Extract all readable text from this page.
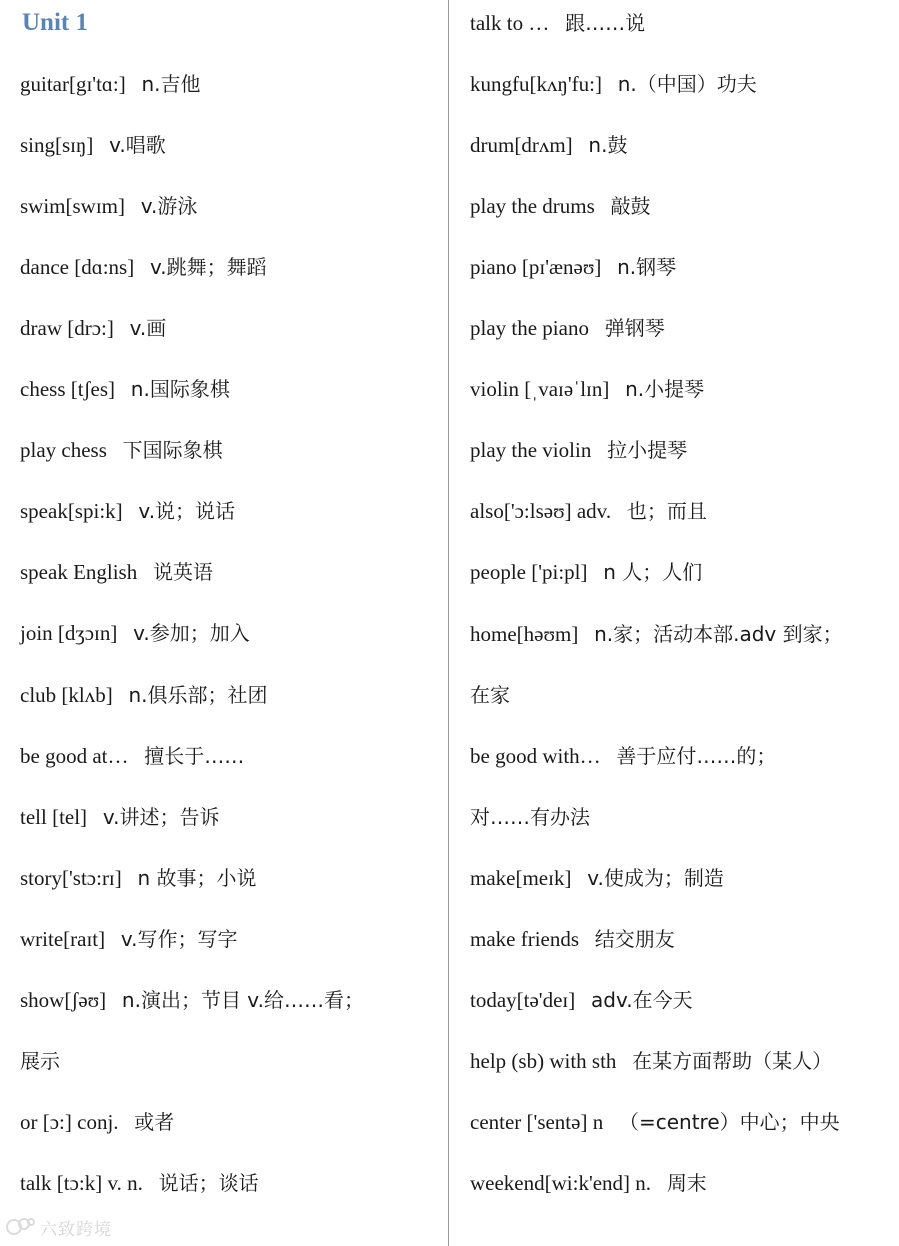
Unit 1
guitar[gɪ'tɑ:] n.吉他
sing[sɪŋ] v.唱歌
swim[swɪm] v.游泳
dance [dɑ:ns] v.跳舞；舞蹈
draw [drɔ:] v.画
chess [tʃes] n.国际象棋
play chess 下国际象棋
speak[spi:k] v.说；说话
speak English 说英语
join [dʒɔɪn] v.参加；加入
club [klʌb] n.俱乐部；社团
be good at… 擅长于……
tell [tel] v.讲述；告诉
story['stɔ:rɪ] n 故事；小说
write[raɪt] v.写作；写字
show[ʃəʊ] n.演出；节目 v.给……看；
展示
or [ɔ:] conj. 或者
talk [tɔ:k] v. n. 说话；谈话
talk to … 跟……说
kungfu[kʌŋ'fu:] n.（中国）功夫
drum[drʌm] n.鼓
play the drums 敲鼓
piano [pɪ'ænəʊ] n.钢琴
play the piano 弹钢琴
violin [ˌvaɪəˈlɪn] n.小提琴
play the violin 拉小提琴
also['ɔ:lsəʊ] adv. 也；而且
people ['pi:pl] n 人；人们
home[həʊm] n.家；活动本部.adv 到家；
在家
be good with… 善于应付……的；
对……有办法
make[meɪk] v.使成为；制造
make friends 结交朋友
today[tə'deɪ] adv.在今天
help (sb) with sth 在某方面帮助（某人）
center ['sentə] n （=centre）中心；中央
weekend[wi:k'end] n. 周末
六致跨境
